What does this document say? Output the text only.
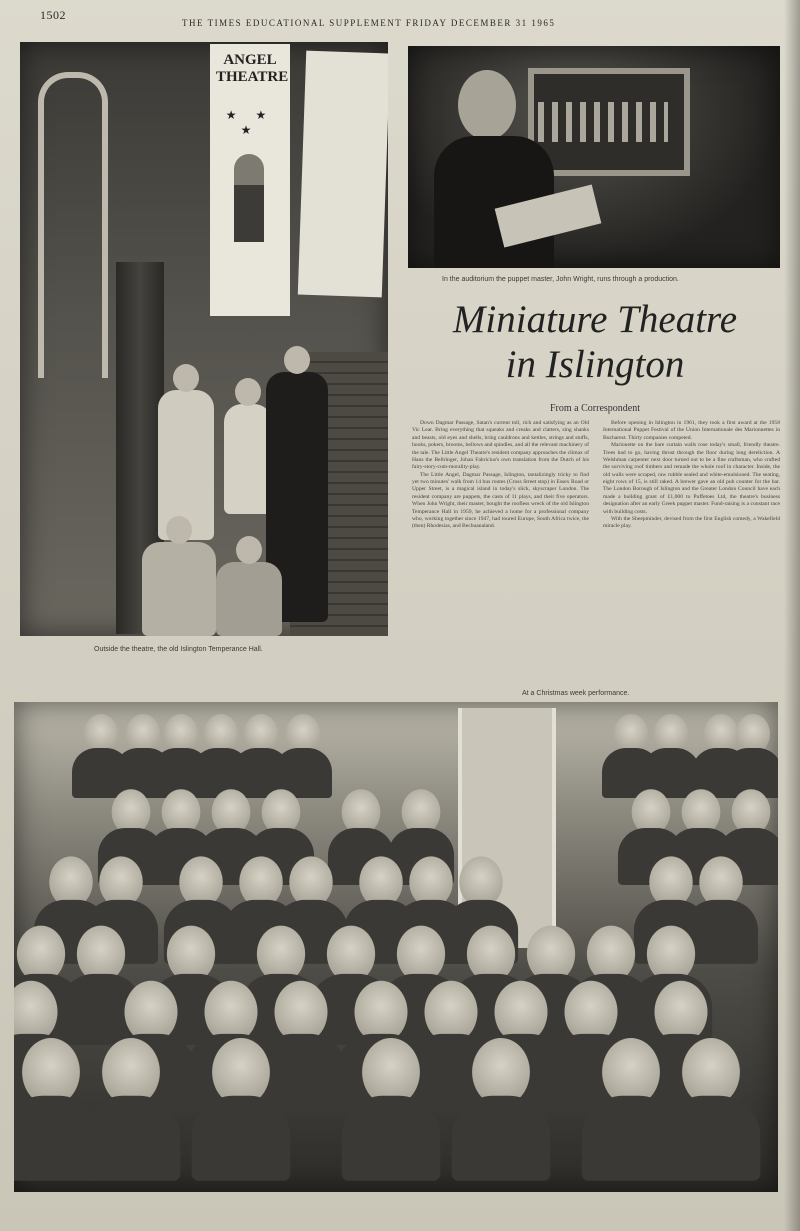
1502
THE TIMES EDUCATIONAL SUPPLEMENT FRIDAY DECEMBER 31 1965
ANGEL THEATRE
★ ★ ★
Outside the theatre, the old Islington Temperance Hall.
In the auditorium the puppet master, John Wright, runs through a production.
Miniature Theatre
in Islington
From a Correspondent

Down Dagmar Passage, Satan's current toll, rich and satisfying as an Old Vic Lear. Bring everything that squeaks and creaks and clatters, sing shanks and beasts, old eyes and shells, bring cauldrons and kettles, strings and stuffs, hooks, pokers, brooms, bellows and spindles, and all the relevant machinery of the tale. The Little Angel Theatre's resident company approaches the climax of Hans the Bellringer, Johan Fabricius's own translation from the Dutch of his fairy-story-cum-morality-play.

The Little Angel, Dagmar Passage, Islington, tantalizingly tricky to find yet two minutes' walk from 14 bus routes (Cross Street stop) in Essex Road or Upper Street, is a magical island in today's slick, skyscraper London. The resident company are puppets, the casts of 11 plays, and their five operators. When John Wright, their master, bought the roofless wreck of the old Islington Temperance Hall in 1959, he achieved a home for a professional company who, working together since 1947, had toured Europe, South Africa twice, the (then) Rhodesias, and Bechuanaland.

Before opening in Islington in 1961, they took a first award at the 1958 International Puppet Festival of the Union Internationale des Marionnettes in Bucharest. Thirty companies competed.

Marionette on the bare curtain walls rose today's small, friendly theatre. Trees had to go, having thrust through the floor during long dereliction. A Welshman carpenter next door turned out to be a fine craftsman, who crafted the surviving roof timbers and remade the whole roof in character. Inside, the old walls were scraped, raw rubble sealed and white-emulsioned. The seating, eight rows of 15, is still raked. A brewer gave an old pub counter for the bar. The London Borough of Islington and the Greater London Council have each made a building grant of £1,000 to Puffetoes Ltd, the theatre's business designation after an early Greek puppet master. Fund-raising is a constant race with building costs.

With the Sheepminder, devised from the first English comedy, a Wakefield miracle play.

At a Christmas week performance.
